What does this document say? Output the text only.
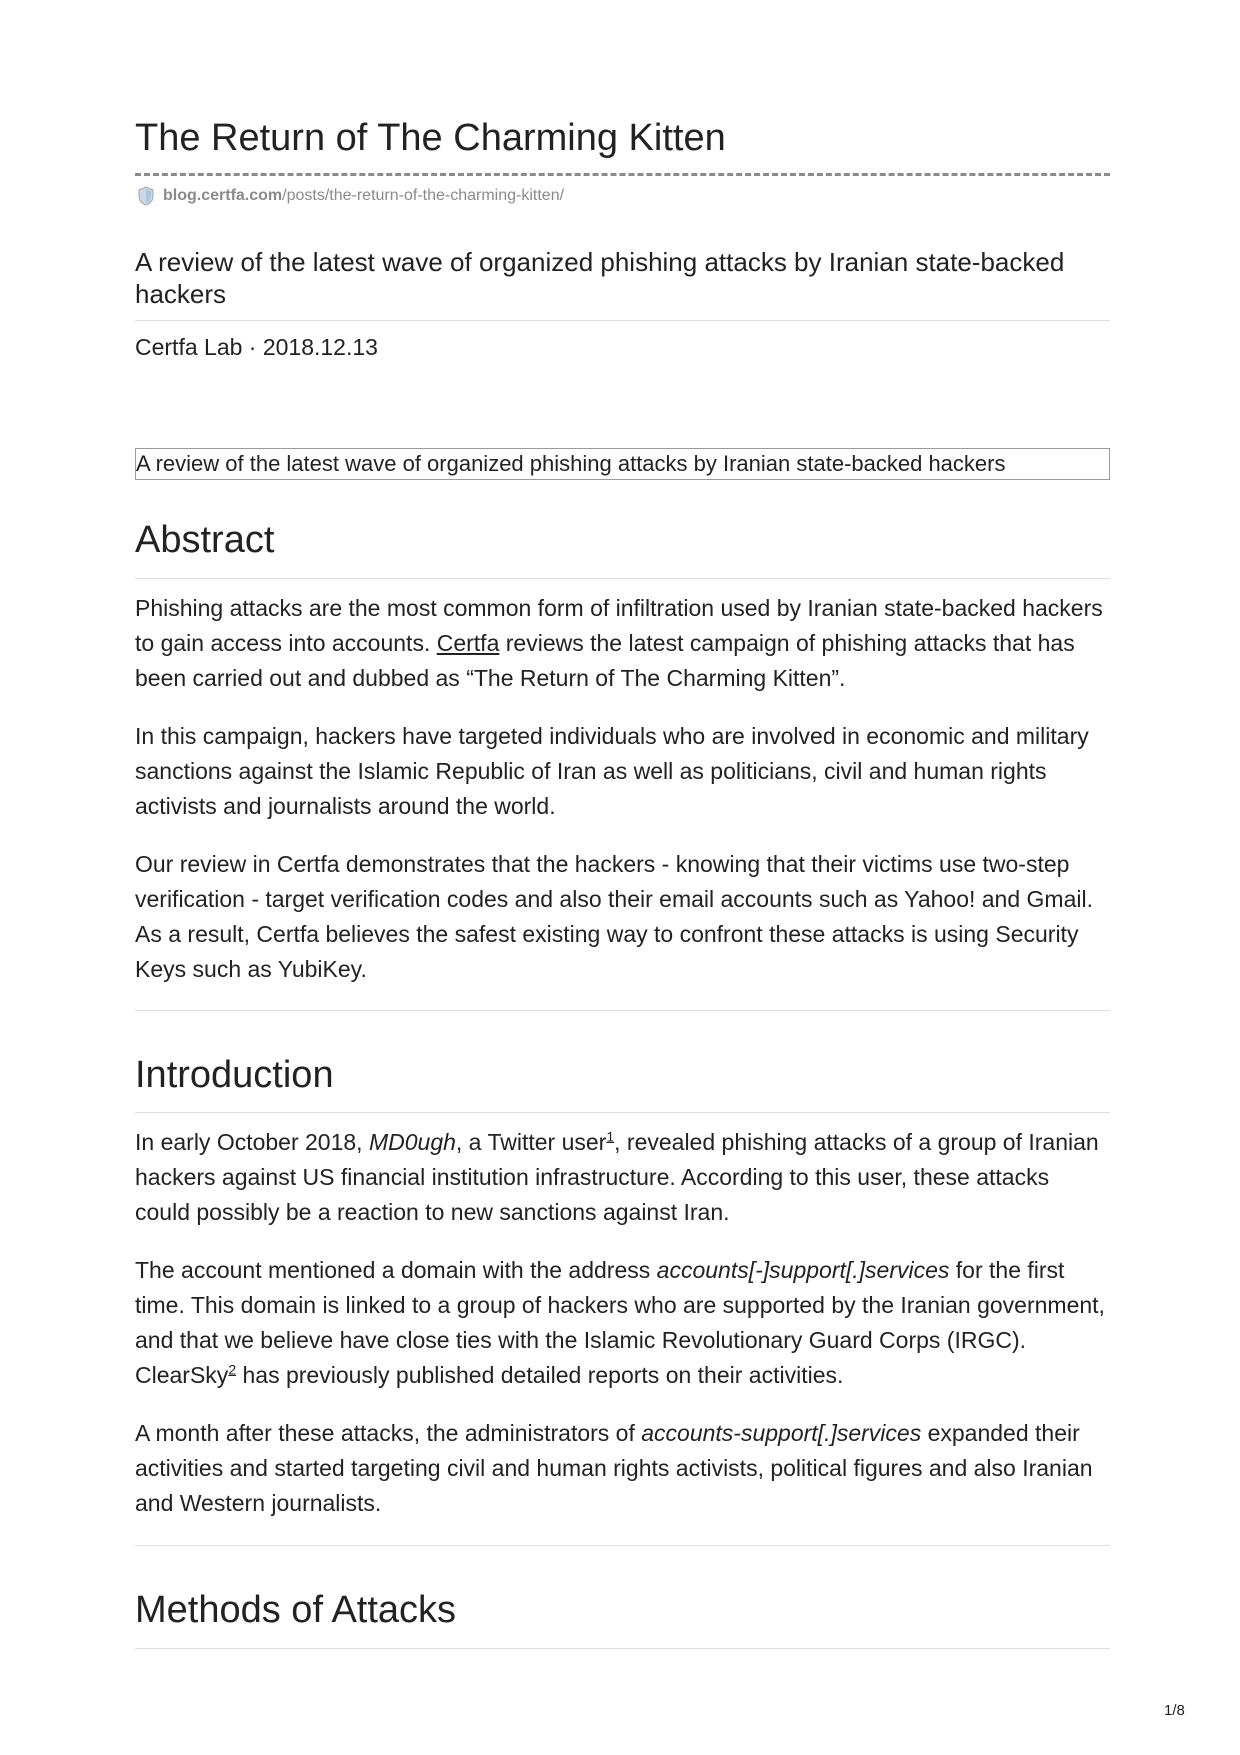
The Return of The Charming Kitten
blog.certfa.com /posts/the-return-of-the-charming-kitten/
A review of the latest wave of organized phishing attacks by Iranian state-backed hackers
Certfa Lab · 2018.12.13
A review of the latest wave of organized phishing attacks by Iranian state-backed hackers
Abstract

Phishing attacks are the most common form of infiltration used by Iranian state-backed hackers to gain access into accounts. Certfa reviews the latest campaign of phishing attacks that has been carried out and dubbed as “The Return of The Charming Kitten”.

In this campaign, hackers have targeted individuals who are involved in economic and military sanctions against the Islamic Republic of Iran as well as politicians, civil and human rights activists and journalists around the world.

Our review in Certfa demonstrates that the hackers - knowing that their victims use two-step verification - target verification codes and also their email accounts such as Yahoo! and Gmail. As a result, Certfa believes the safest existing way to confront these attacks is using Security Keys such as YubiKey.

Introduction

In early October 2018, MD0ugh, a Twitter user$^1$, revealed phishing attacks of a group of Iranian hackers against US financial institution infrastructure. According to this user, these attacks could possibly be a reaction to new sanctions against Iran.

The account mentioned a domain with the address accounts[-]support[.]services for the first time. This domain is linked to a group of hackers who are supported by the Iranian government, and that we believe have close ties with the Islamic Revolutionary Guard Corps (IRGC). ClearSky$^2$ has previously published detailed reports on their activities.

A month after these attacks, the administrators of accounts-support[.]services expanded their activities and started targeting civil and human rights activists, political figures and also Iranian and Western journalists.

Methods of Attacks
1/8
